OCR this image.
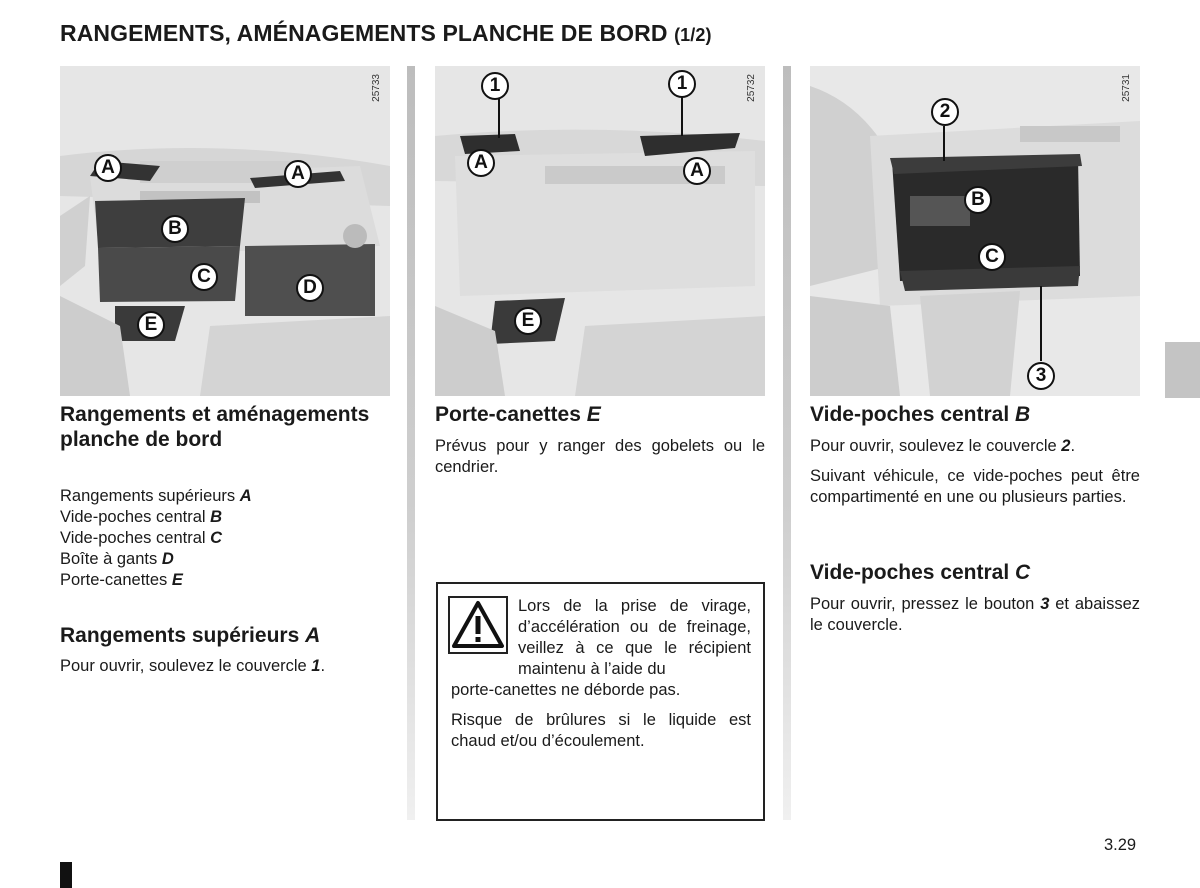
RANGEMENTS, AMÉNAGEMENTS PLANCHE DE BORD (1/2)
25733
A	A
B
C
D
E
25732
1	1
A	A
E
25731
2
B
C
3
Rangements et aménagements planche de bord
Rangements supérieurs A
Vide-poches central B
Vide-poches central C
Boîte à gants D
Porte-canettes E
Rangements supérieurs A

Pour ouvrir, soulevez le couvercle 1.

Porte-canettes E

Prévus pour y ranger des gobelets ou le cendrier.

Lors de la prise de virage, d’accélération ou de freinage, veillez à ce que le récipient maintenu à l’aide du

porte-canettes ne déborde pas.

Risque de brûlures si le liquide est chaud et/ou d’écoulement.

Vide-poches central B

Pour ouvrir, soulevez le couvercle 2.

Suivant véhicule, ce vide-poches peut être compartimenté en une ou plusieurs parties.

Vide-poches central C

Pour ouvrir, pressez le bouton 3 et abaissez le couvercle.

3.29
